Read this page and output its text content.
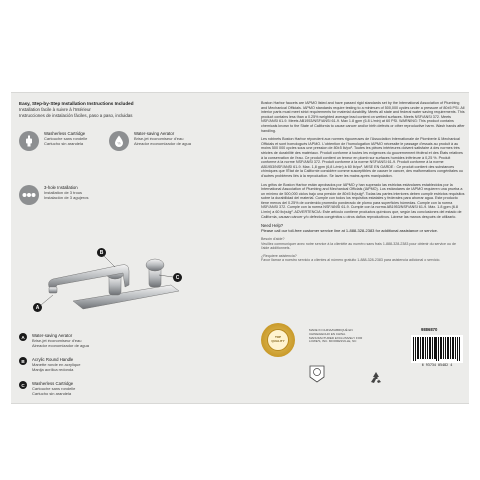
Easy, Step-by-Step Installation Instructions Included
Installation facile à suivre à l'Intérieur
Instrucciones de instalación fáciles, paso a paso, incluidas
Washerless Cartridge
Cartouche sans rondelle
Cartucho sin arandela	%
Water-saving Aerator
Brise-jet économiseur d'eau
Aireador economizador de agua
3-hole Installation
Installation de 3 trous
Instalación de 3 agujeros
A
B
C
A	Water-saving Aerator
Brise-jet économiseur d'eau
Aireador economizador de agua
B	Acrylic Round Handle
Manette ronde en acrylique
Manija acrílica redonda
C	Washerless Cartridge
Cartouche sans rondelle
Cartucho sin arandela

Boston Harbor faucets are IAPMO listed and have passed rigid standards set by the International Association of Plumbing and Mechanical Officials. IAPMO standards require testing to a minimum of 500,000 cycles under a pressure of 80±5 PSI. All interior parts must meet strict requirements for material durability. Meets all state and federal water saving requirements. This product contains less than a 0.25% weighted average lead content on wetted surfaces. Meets NSF/ANSI 372. Meets NSF/ANSI 61-9. Meets AB1953/NSF/ANSI 61-9. Max 1.8 gpm (6.8 L/min) at 60 PSI. WARNING: This product contains chemicals known to the State of California to cause cancer and/or birth defects or other reproductive harm. Wash hands after handling.

Les robinets Boston Harbor répondent aux normes rigoureuses de l'Association Internationale de Plomberie & Mechanical Officials et sont homologués IAPMO. L'obtention de l'homologation IAPMO nécessite le passage d'essais au produit à au moins 500 000 cycles sous une pression de 80±5 lb/po². Toutes les pièces intérieures doivent satisfaire à des normes très strictes de durabilité des matériaux. Produit conforme à toutes les exigences du gouvernement fédéral et des États relatives à la conservation de l'eau. Ce produit contient un teneur en plomb sur surfaces humides inférieure à 0,25 %. Produit conforme à la norme NSF/ANSI 372. Produit conforme à la norme NSF/ANSI 61-9. Produit conforme à la norme AB1953/NSF/ANSI 61-9. Max. 1,8 gpm (6,8 L/min) à 60 lb/po². MISE EN GARDE : Ce produit contient des substances chimiques que l'État de la Californie considère comme susceptibles de causer le cancer, des malformations congénitales ou d'autres problèmes liés à la reproduction. Se laver les mains après manipulation.

Los grifos de Boston Harbor están aprobados por IAPMO y han superado las estrictas estándares establecidos por la International Association of Plumbing and Mechanical Officials (IAPMO). Los estándares de IAPMO requieren una prueba a un mínimo de 500,000 ciclos bajo una presión de 80±5 lb/pulg². Todas las partes interiores deben cumplir estrictos requisitos sobre la durabilidad del material. Cumple con todos los requisitos estatales y federales para ahorrar agua. Este producto tiene menos del 0.25% de contenido promedio ponderado de plomo para superficies húmedas. Cumple con la norma NSF/ANSI 372. Cumple con la norma NSF/ANSI 61-9. Cumple con la norma AB1953/NSF/ANSI 61-9. Máx. 1.8 gpm (6.8 L/min) a 60 lb/pulg². ADVERTENCIA: Este artículo contiene productos químicos que, según las conclusiones del estado de California, causan cáncer y/o defectos congénitos u otros daños reproductivos. Lávese las manos después de utilizarlo.

Need Help?
Please call our toll-free customer service line at 1-888-328-2383 for additional assistance or service.
Besoin d'aide?
Veuillez communiquer avec notre service à la clientèle au numéro sans frais 1-888-328-2383 pour obtenir du service ou de l'aide additionnels.
¿Requiere asistencia?
Favor llamar a nuestro servicio a clientes al número gratuito 1-888-328-2383 para asistencia adicional o servicio.
TOP QUALITY
MADE IN CHINA/FABRIQUÉ EN CHINE/HECHO EN CHINA. MANUFACTURED EXCLUSIVELY FOR LOWE'S, INC. MOORESVILLE, NC
9886870
6 93734 05482 4
